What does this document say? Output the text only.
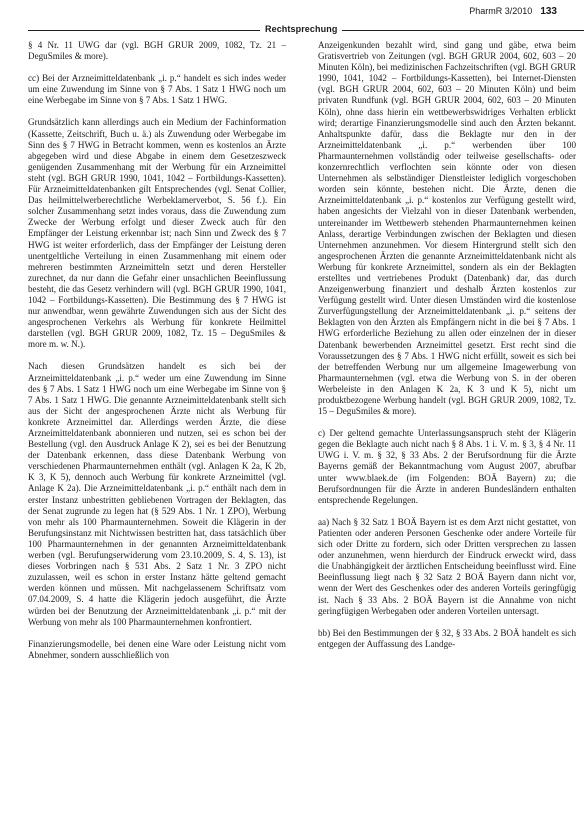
PharmR 3/2010 133
Rechtsprechung

§ 4 Nr. 11 UWG dar (vgl. BGH GRUR 2009, 1082, Tz. 21 – DeguSmiles & more).

cc) Bei der Arzneimitteldatenbank „i. p.“ handelt es sich indes weder um eine Zuwendung im Sinne von § 7 Abs. 1 Satz 1 HWG noch um eine Werbegabe im Sinne von § 7 Abs. 1 Satz 1 HWG.

Grundsätzlich kann allerdings auch ein Medium der Fachinformation (Kassette, Zeitschrift, Buch u. ä.) als Zuwendung oder Werbegabe im Sinn des § 7 HWG in Betracht kommen, wenn es kostenlos an Ärzte abgegeben wird und diese Abgabe in einem dem Gesetzeszweck genügenden Zusammenhang mit der Werbung für ein Arzneimittel steht (vgl. BGH GRUR 1990, 1041, 1042 – Fortbildungs-Kassetten). Für Arzneimitteldatenbanken gilt Entsprechendes (vgl. Senat Collier, Das heilmittelwerberechtliche Werbeklamerverbot, S. 56 f.). Ein solcher Zusammenhang setzt indes voraus, dass die Zuwendung zum Zwecke der Werbung erfolgt und dieser Zweck auch für den Empfänger der Leistung erkennbar ist; nach Sinn und Zweck des § 7 HWG ist weiter erforderlich, dass der Empfänger der Leistung deren unentgeltliche Verteilung in einen Zusammenhang mit einem oder mehreren bestimmten Arzneimitteln setzt und deren Hersteller zurechnet, da nur dann die Gefahr einer unsachlichen Beeinflussung besteht, die das Gesetz verhindern will (vgl. BGH GRUR 1990, 1041, 1042 – Fortbildungs-Kassetten). Die Bestimmung des § 7 HWG ist nur anwendbar, wenn gewährte Zuwendungen sich aus der Sicht des angesprochenen Verkehrs als Werbung für konkrete Heilmittel darstellen (vgl. BGH GRUR 2009, 1082, Tz. 15 – DeguSmiles & more m. w. N.).

Nach diesen Grundsätzen handelt es sich bei der Arzneimitteldatenbank „i. p.“ weder um eine Zuwendung im Sinne des § 7 Abs. 1 Satz 1 HWG noch um eine Werbegabe im Sinne von § 7 Abs. 1 Satz 1 HWG. Die genannte Arzneimitteldatenbank stellt sich aus der Sicht der angesprochenen Ärzte nicht als Werbung für konkrete Arzneimittel dar. Allerdings werden Ärzte, die diese Arzneimitteldatenbank abonnieren und nutzen, sei es schon bei der Bestellung (vgl. den Ausdruck Anlage K 2), sei es bei der Benutzung der Datenbank erkennen, dass diese Datenbank Werbung von verschiedenen Pharmaunternehmen enthält (vgl. Anlagen K 2a, K 2b, K 3, K 5), dennoch auch Werbung für konkrete Arzneimittel (vgl. Anlage K 2a). Die Arzneimitteldatenbank „i. p.“ enthält nach dem in erster Instanz unbestritten gebliebenen Vortragen der Beklagten, das der Senat zugrunde zu legen hat (§ 529 Abs. 1 Nr. 1 ZPO), Werbung von mehr als 100 Pharmaunternehmen. Soweit die Klägerin in der Berufungsinstanz mit Nichtwissen bestritten hat, dass tatsächlich über 100 Pharmaunternehmen in der genannten Arzneimitteldatenbank werben (vgl. Berufungserwiderung vom 23.10.2009, S. 4, S. 13), ist dieses Vorbringen nach § 531 Abs. 2 Satz 1 Nr. 3 ZPO nicht zuzulassen, weil es schon in erster Instanz hätte geltend gemacht werden können und müssen. Mit nachgelassenem Schriftsatz vom 07.04.2009, S. 4 hatte die Klägerin jedoch ausgeführt, die Ärzte würden bei der Benutzung der Arzneimitteldatenbank „i. p.“ mit der Werbung von mehr als 100 Pharmaunternehmen konfrontiert.

Finanzierungsmodelle, bei denen eine Ware oder Leistung nicht vom Abnehmer, sondern ausschließlich von

Anzeigenkunden bezahlt wird, sind gang und gäbe, etwa beim Gratisvertrieb von Zeitungen (vgl. BGH GRUR 2004, 602, 603 – 20 Minuten Köln), bei medizinischen Fachzeitschriften (vgl. BGH GRUR 1990, 1041, 1042 – Fortbildungs-Kassetten), bei Internet-Diensten (vgl. BGH GRUR 2004, 602, 603 – 20 Minuten Köln) und beim privaten Rundfunk (vgl. BGH GRUR 2004, 602, 603 – 20 Minuten Köln), ohne dass hierin ein wettbewerbswidriges Verhalten erblickt wird; derartige Finanzierungsmodelle sind auch den Ärzten bekannt. Anhaltspunkte dafür, dass die Beklagte nur den in der Arzneimitteldatenbank „i. p.“ werbenden über 100 Pharmaunternehmen vollständig oder teilweise gesellschafts- oder konzernrechtlich verflochten sein könnte oder von diesen Unternehmen als selbständiger Dienstleister lediglich vorgeschoben worden sein könnte, bestehen nicht. Die Ärzte, denen die Arzneimitteldatenbank „i. p.“ kostenlos zur Verfügung gestellt wird, haben angesichts der Vielzahl von in dieser Datenbank werbenden, untereinander im Wettbewerb stehenden Pharmaunternehmen keinen Anlass, derartige Verbindungen zwischen der Beklagten und diesen Unternehmen anzunehmen. Vor diesem Hintergrund stellt sich den angesprochenen Ärzten die genannte Arzneimitteldatenbank nicht als Werbung für konkrete Arzneimittel, sondern als ein der Beklagten erstelltes und vertriebenes Produkt (Datenbank) dar, das durch Anzeigenwerbung finanziert und deshalb Ärzten kostenlos zur Verfügung gestellt wird. Unter diesen Umständen wird die kostenlose Zurverfügungstellung der Arzneimitteldatenbank „i. p.“ seitens der Beklagten von den Ärzten als Empfängern nicht in die bei § 7 Abs. 1 HWG erforderliche Beziehung zu allen oder einzelnen der in dieser Datenbank bewerbenden Arzneimittel gesetzt. Erst recht sind die Voraussetzungen des § 7 Abs. 1 HWG nicht erfüllt, soweit es sich bei der betreffenden Werbung nur um allgemeine Imagewerbung von Pharmaunternehmen (vgl. etwa die Werbung von S. in der oberen Werbeleiste in den Anlagen K 2a, K 3 und K 5), nicht um produktbezogene Werbung handelt (vgl. BGH GRUR 2009, 1082, Tz. 15 – DeguSmiles & more).

c) Der geltend gemachte Unterlassungsanspruch steht der Klägerin gegen die Beklagte auch nicht nach § 8 Abs. 1 i. V. m. § 3, § 4 Nr. 11 UWG i. V. m. § 32, § 33 Abs. 2 der Berufsordnung für die Ärzte Bayerns gemäß der Bekanntmachung vom August 2007, abrufbar unter www.blaek.de (im Folgenden: BOÄ Bayern) zu; die Berufsordnungen für die Ärzte in anderen Bundesländern enthalten entsprechende Regelungen.

aa) Nach § 32 Satz 1 BOÄ Bayern ist es dem Arzt nicht gestattet, von Patienten oder anderen Personen Geschenke oder andere Vorteile für sich oder Dritte zu fordern, sich oder Dritten versprechen zu lassen oder anzunehmen, wenn hierdurch der Eindruck erweckt wird, dass die Unabhängigkeit der ärztlichen Entscheidung beeinflusst wird. Eine Beeinflussung liegt nach § 32 Satz 2 BOÄ Bayern dann nicht vor, wenn der Wert des Geschenkes oder des anderen Vorteils geringfügig ist. Nach § 33 Abs. 2 BOÄ Bayern ist die Annahme von nicht geringfügigen Werbegaben oder anderen Vorteilen untersagt.

bb) Bei den Bestimmungen der § 32, § 33 Abs. 2 BOÄ handelt es sich entgegen der Auffassung des Landge-
